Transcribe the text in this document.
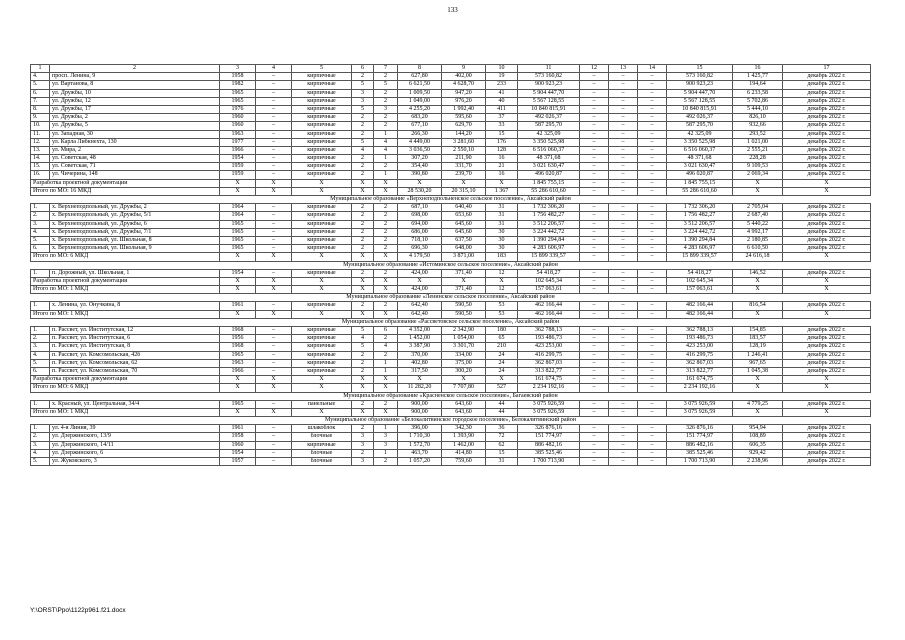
133
1	2	3	4	5	6	7	8	9	10	11	12	13	14	15	16	17
4.	просп. Ленина, 9	1958	–	кирпичные	2	2	627,80	402,00	19	573 160,82	–	–	–	573 160,82	1 425,77	декабрь 2022 г.
5.	ул. Вартанова, 8	1982	–	кирпичные	5	5	6 621,50	4 628,70	233	900 923,23	–	–	–	900 923,23	194,64	декабрь 2022 г.
6.	ул. Дружбы, 10	1965	–	кирпичные	3	2	1 009,50	947,20	41	5 904 447,70	–	–	–	5 904 447,70	6 233,58	декабрь 2022 г.
7.	ул. Дружбы, 12	1965	–	кирпичные	3	2	1 049,00	976,20	40	5 567 128,55	–	–	–	5 567 128,55	5 702,86	декабрь 2022 г.
8.	ул. Дружбы, 17	1976	–	кирпичные	5	3	4 255,20	1 992,40	411	10 840 815,91	–	–	–	10 840 815,91	5 444,10	декабрь 2022 г.
9.	ул. Дружбы, 2	1960	–	кирпичные	2	2	683,20	595,60	37	492 026,37	–	–	–	492 026,37	826,10	декабрь 2022 г.
10.	ул. Дружбы, 5	1960	–	кирпичные	2	2	677,10	629,70	33	587 295,70	–	–	–	587 295,70	932,66	декабрь 2022 г.
11.	ул. Западная, 30	1963	–	кирпичные	2	1	266,30	144,20	15	42 325,09	–	–	–	42 325,09	293,52	декабрь 2022 г.
12.	ул. Карла Либкнехта, 130	1977	–	кирпичные	5	4	4 449,00	3 281,60	176	3 350 525,98	–	–	–	3 350 525,98	1 021,00	декабрь 2022 г.
13.	ул. Мира, 2	1966	–	кирпичные	4	4	3 036,50	2 550,10	128	6 516 060,37	–	–	–	6 516 060,37	2 555,21	декабрь 2022 г.
14.	ул. Советская, 48	1954	–	кирпичные	2	1	307,20	211,90	16	48 371,68	–	–	–	48 371,68	228,28	декабрь 2022 г.
15.	ул. Советская, 71	1959	–	кирпичные	2	2	354,40	331,70	21	3 021 630,47	–	–	–	3 021 630,47	9 109,53	декабрь 2022 г.
16.	ул. Чичерина, 148	1959	–	кирпичные	2	1	390,80	239,70	16	496 020,87	–	–	–	496 020,87	2 069,34	декабрь 2022 г.
Разработка проектной документации		X	X	X	X	X	X	X	X	1 845 755,15	–	–	–	1 845 755,15	X	X
Итого по МО: 16 МКД		X	X	X	X	X	28 530,20	20 315,10	1 367	55 286 610,60	–	–	–	55 286 610,60	X	X
Муниципальное образование «Верхнеподпольненское сельское поселение», Аксайский район																
1.	х. Верхнеподпольный, ул. Дружбы, 2	1964	–	кирпичные	2	2	687,10	640,40	31	1 732 306,20	–	–	–	1 732 306,20	2 705,04	декабрь 2022 г.
2.	х. Верхнеподпольный, ул. Дружбы, 5/1	1964	–	кирпичные	2	2	698,00	653,60	31	1 756 482,27	–	–	–	1 756 482,27	2 687,40	декабрь 2022 г.
3.	х. Верхнеподпольный, ул. Дружбы, 6	1965	–	кирпичные	2	2	694,00	645,60	31	3 512 206,57	–	–	–	3 512 206,57	5 440,22	декабрь 2022 г.
4.	х. Верхнеподпольный, ул. Дружбы, 7/1	1965	–	кирпичные	2	2	686,00	645,60	30	3 224 442,72	–	–	–	3 224 442,72	4 992,17	декабрь 2022 г.
5.	х. Верхнеподпольный, ул. Школьная, 8	1965	–	кирпичные	2	2	718,10	637,50	30	1 390 294,84	–	–	–	1 390 294,84	2 180,85	декабрь 2022 г.
6.	х. Верхнеподпольный, ул. Школьная, 9	1965	–	кирпичные	2	2	696,30	648,00	30	4 283 606,97	–	–	–	4 283 606,97	6 610,50	декабрь 2022 г.
Итого по МО: 6 МКД		X	X	X	X	X	4 179,50	3 871,00	183	15 899 339,57	–	–	–	15 899 339,57	24 616,18	X
Муниципальное образование «Истоминское сельское поселение», Аксайский район																
1.	п. Дорожный, ул. Школьная, 1	1954	–	кирпичные	2	2	424,00	371,40	12	54 418,27	–	–	–	54 418,27	146,52	декабрь 2022 г.
Разработка проектной документации		X	X	X	X	X	X	X	X	102 645,34	–	–	–	102 645,34	X	X
Итого по МО: 1 МКД		X	X	X	X	X	424,00	371,40	12	157 063,61	–	–	–	157 063,61	X	X
Муниципальное образование «Ленинское сельское поселение», Аксайский район																
1.	х. Ленина, ул. Онучкина, 8	1961	–	кирпичные	2	2	642,40	590,50	53	462 166,44	–	–	–	482 166,44	816,54	декабрь 2022 г.
Итого по МО: 1 МКД		X	X	X	X	X	642,40	590,50	53	462 166,44	–	–	–	482 166,44	X	X
Муниципальное образование «Рассветовское сельское поселение», Аксайский район																
1.	п. Рассвет, ул. Институтская, 12	1968	–	кирпичные	5	6	4 352,00	2 342,90	180	362 788,13	–	–	–	362 788,13	154,85	декабрь 2022 г.
2.	п. Рассвет, ул. Институтская, 6	1956	–	кирпичные	4	2	1 452,00	1 054,00	65	193 486,73	–	–	–	193 486,73	183,57	декабрь 2022 г.
3.	п. Рассвет, ул. Институтская, 8	1968	–	кирпичные	5	4	3 387,90	3 301,70	210	423 253,00	–	–	–	423 253,00	128,19	декабрь 2022 г.
4.	п. Рассвет, ул. Комсомольская, 42б	1965	–	кирпичные	2	2	370,00	334,00	24	416 299,75	–	–	–	416 299,75	1 246,41	декабрь 2022 г.
5.	п. Рассвет, ул. Комсомольская, 62	1963	–	кирпичные	2	1	402,80	375,00	24	362 867,03	–	–	–	362 867,03	967,65	декабрь 2022 г.
6.	п. Рассвет, ул. Комсомольская, 70	1966	–	кирпичные	2	1	317,50	300,20	24	313 822,77	–	–	–	313 822,77	1 045,38	декабрь 2022 г.
Разработка проектной документации		X	X	X	X	X	X	X	X	161 674,75	–	–	–	161 674,75	X	X
Итого по МО: 6 МКД		X	X	X	X	X	11 282,20	7 707,80	527	2 234 192,16	–	–	–	2 234 192,16	X	X
Муниципальное образование «Красненское сельское поселение», Багаевский район																
1.	х. Красный, ул. Центральная, 34/4	1965	–	панельные	2	2	900,00	643,60	44	3 075 926,59	–	–	–	3 075 926,59	4 779,25	декабрь 2022 г.
Итого по МО: 1 МКД		X	X	X	X	X	900,00	643,60	44	3 075 926,59	–	–	–	3 075 926,59	X	X
Муниципальное образование «Белокалитвинское городское поселение», Белокалитвинский район																
1.	ул. 4-я Линия, 39	1961	–	шлакоблок	2	1	396,00	342,30	36	326 876,16	–	–	–	326 876,16	954,94	декабрь 2022 г.
2.	ул. Дзержинского, 13/9	1958	–	блочные	3	3	1 710,30	1 393,90	72	151 774,97	–	–	–	151 774,97	108,89	декабрь 2022 г.
3.	ул. Дзержинского, 14/11	1960	–	кирпичные	3	3	1 572,70	1 462,00	62	886 482,16	–	–	–	886 482,16	606,35	декабрь 2022 г.
4.	ул. Дзержинского, 6	1954	–	блочные	2	1	463,70	414,80	15	385 525,46	–	–	–	385 525,46	929,42	декабрь 2022 г.
5.	ул. Жуковского, 3	1957	–	блочные	3	2	1 057,20	759,60	31	1 700 713,90	–	–	–	1 700 713,90	2 238,96	декабрь 2022 г.
Y:\ORST\Ppo\1122p961.f21.docx
